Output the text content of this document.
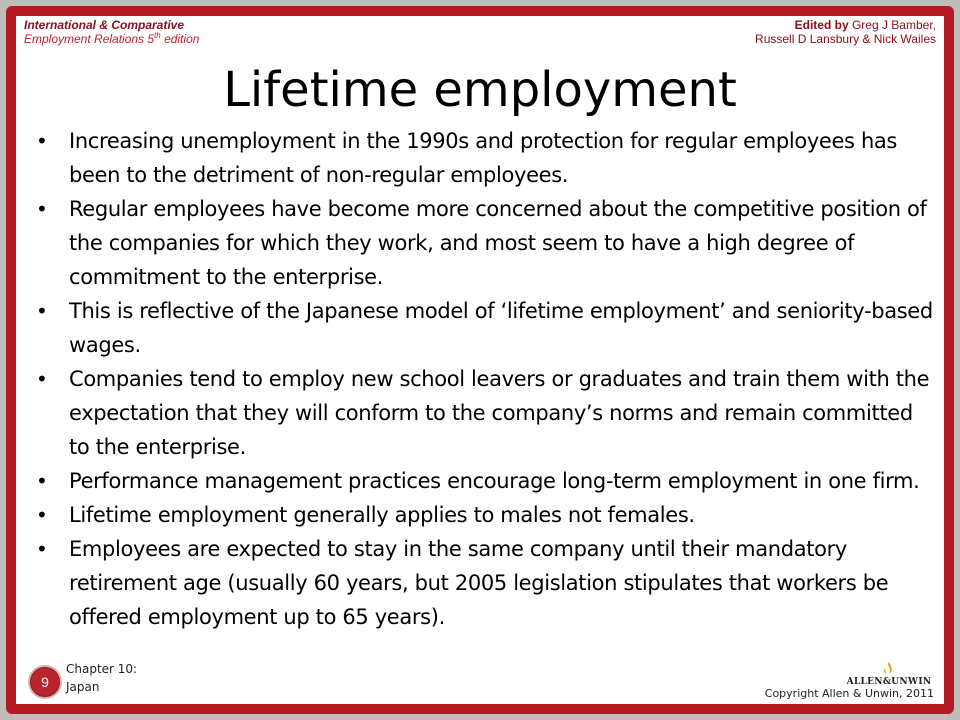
International & Comparative
Employment Relations 5th edition
Edited by Greg J Bamber,
Russell D Lansbury & Nick Wailes
Lifetime employment
• Increasing unemployment in the 1990s and protection for regular employees has been to the detriment of non-regular employees.
• Regular employees have become more concerned about the competitive position of the companies for which they work, and most seem to have a high degree of commitment to the enterprise.
• This is reflective of the Japanese model of ‘lifetime employment’ and seniority-based wages.
• Companies tend to employ new school leavers or graduates and train them with the expectation that they will conform to the company’s norms and remain committed to the enterprise.
• Performance management practices encourage long-term employment in one firm.
• Lifetime employment generally applies to males not females.
• Employees are expected to stay in the same company until their mandatory retirement age (usually 60 years, but 2005 legislation stipulates that workers be offered employment up to 65 years).
9
Chapter 10:
Japan	ALLEN&UNWIN
Copyright Allen & Unwin, 2011
